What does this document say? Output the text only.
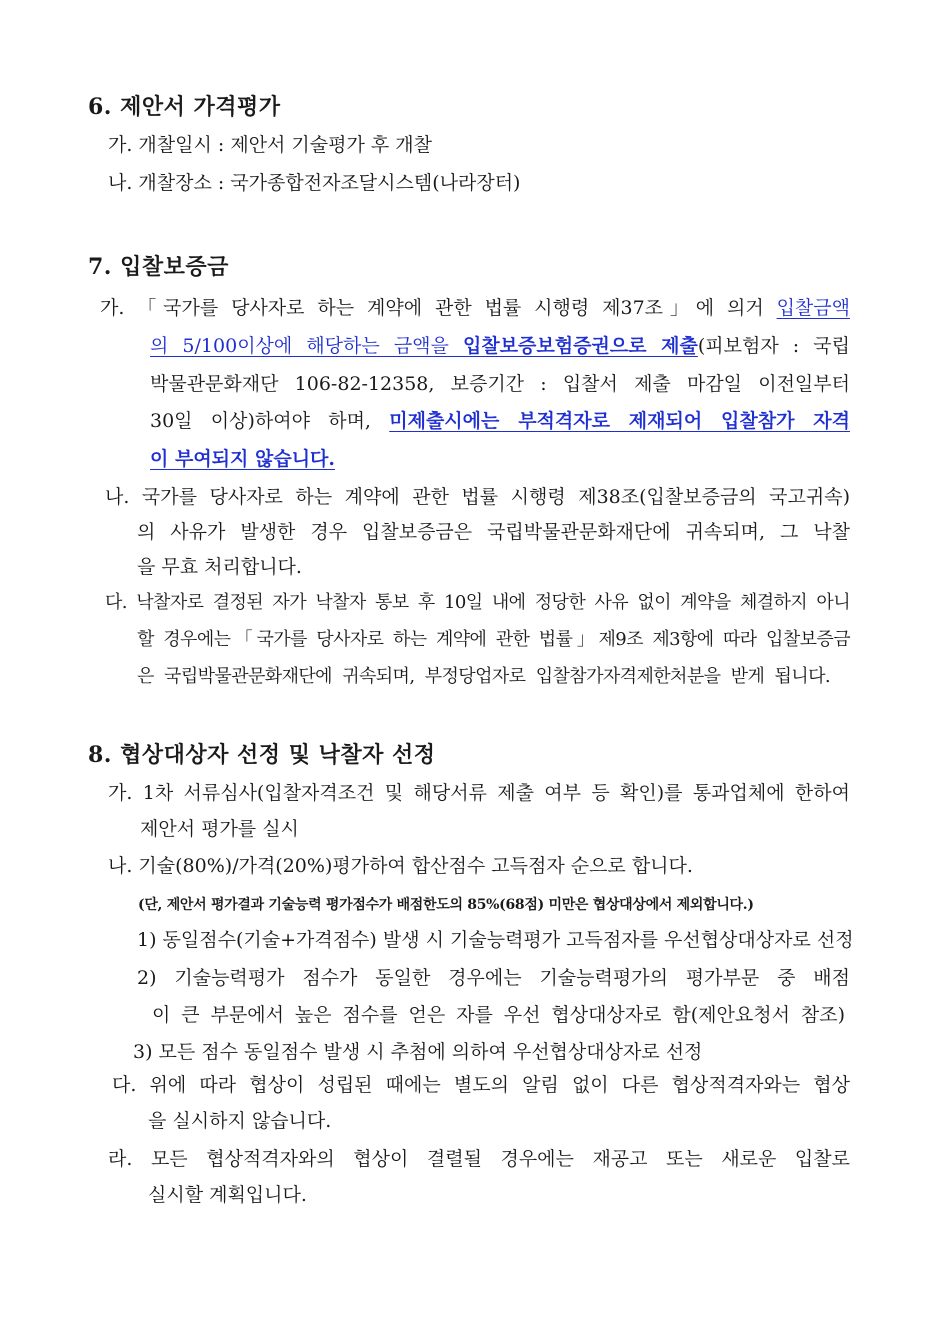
6. 제안서 가격평가
가. 개찰일시 : 제안서 기술평가 후 개찰
나. 개찰장소 : 국가종합전자조달시스템(나라장터)
7. 입찰보증금
가. 「국가를 당사자로 하는 계약에 관한 법률 시행령 제37조」에 의거 입찰금액
의 5/100이상에 해당하는 금액을 입찰보증보험증권으로 제출(피보험자 : 국립
박물관문화재단 106-82-12358, 보증기간 : 입찰서 제출 마감일 이전일부터
30일 이상)하여야 하며, 미제출시에는 부적격자로 제재되어 입찰참가 자격
이 부여되지 않습니다.
나. 국가를 당사자로 하는 계약에 관한 법률 시행령 제38조(입찰보증금의 국고귀속)
의 사유가 발생한 경우 입찰보증금은 국립박물관문화재단에 귀속되며, 그 낙찰
을 무효 처리합니다.
다. 낙찰자로 결정된 자가 낙찰자 통보 후 10일 내에 정당한 사유 없이 계약을 체결하지 아니
할 경우에는「국가를 당사자로 하는 계약에 관한 법률」제9조 제3항에 따라 입찰보증금
은 국립박물관문화재단에 귀속되며, 부정당업자로 입찰참가자격제한처분을 받게 됩니다.
8. 협상대상자 선정 및 낙찰자 선정
가. 1차 서류심사(입찰자격조건 및 해당서류 제출 여부 등 확인)를 통과업체에 한하여
제안서 평가를 실시
나. 기술(80%)/가격(20%)평가하여 합산점수 고득점자 순으로 합니다.
(단, 제안서 평가결과 기술능력 평가점수가 배점한도의 85%(68점) 미만은 협상대상에서 제외합니다.)
1) 동일점수(기술+가격점수) 발생 시 기술능력평가 고득점자를 우선협상대상자로 선정
2) 기술능력평가 점수가 동일한 경우에는 기술능력평가의 평가부문 중 배점
이 큰 부문에서 높은 점수를 얻은 자를 우선 협상대상자로 함(제안요청서 참조)
3) 모든 점수 동일점수 발생 시 추첨에 의하여 우선협상대상자로 선정
다. 위에 따라 협상이 성립된 때에는 별도의 알림 없이 다른 협상적격자와는 협상
을 실시하지 않습니다.
라. 모든 협상적격자와의 협상이 결렬될 경우에는 재공고 또는 새로운 입찰로
실시할 계획입니다.
